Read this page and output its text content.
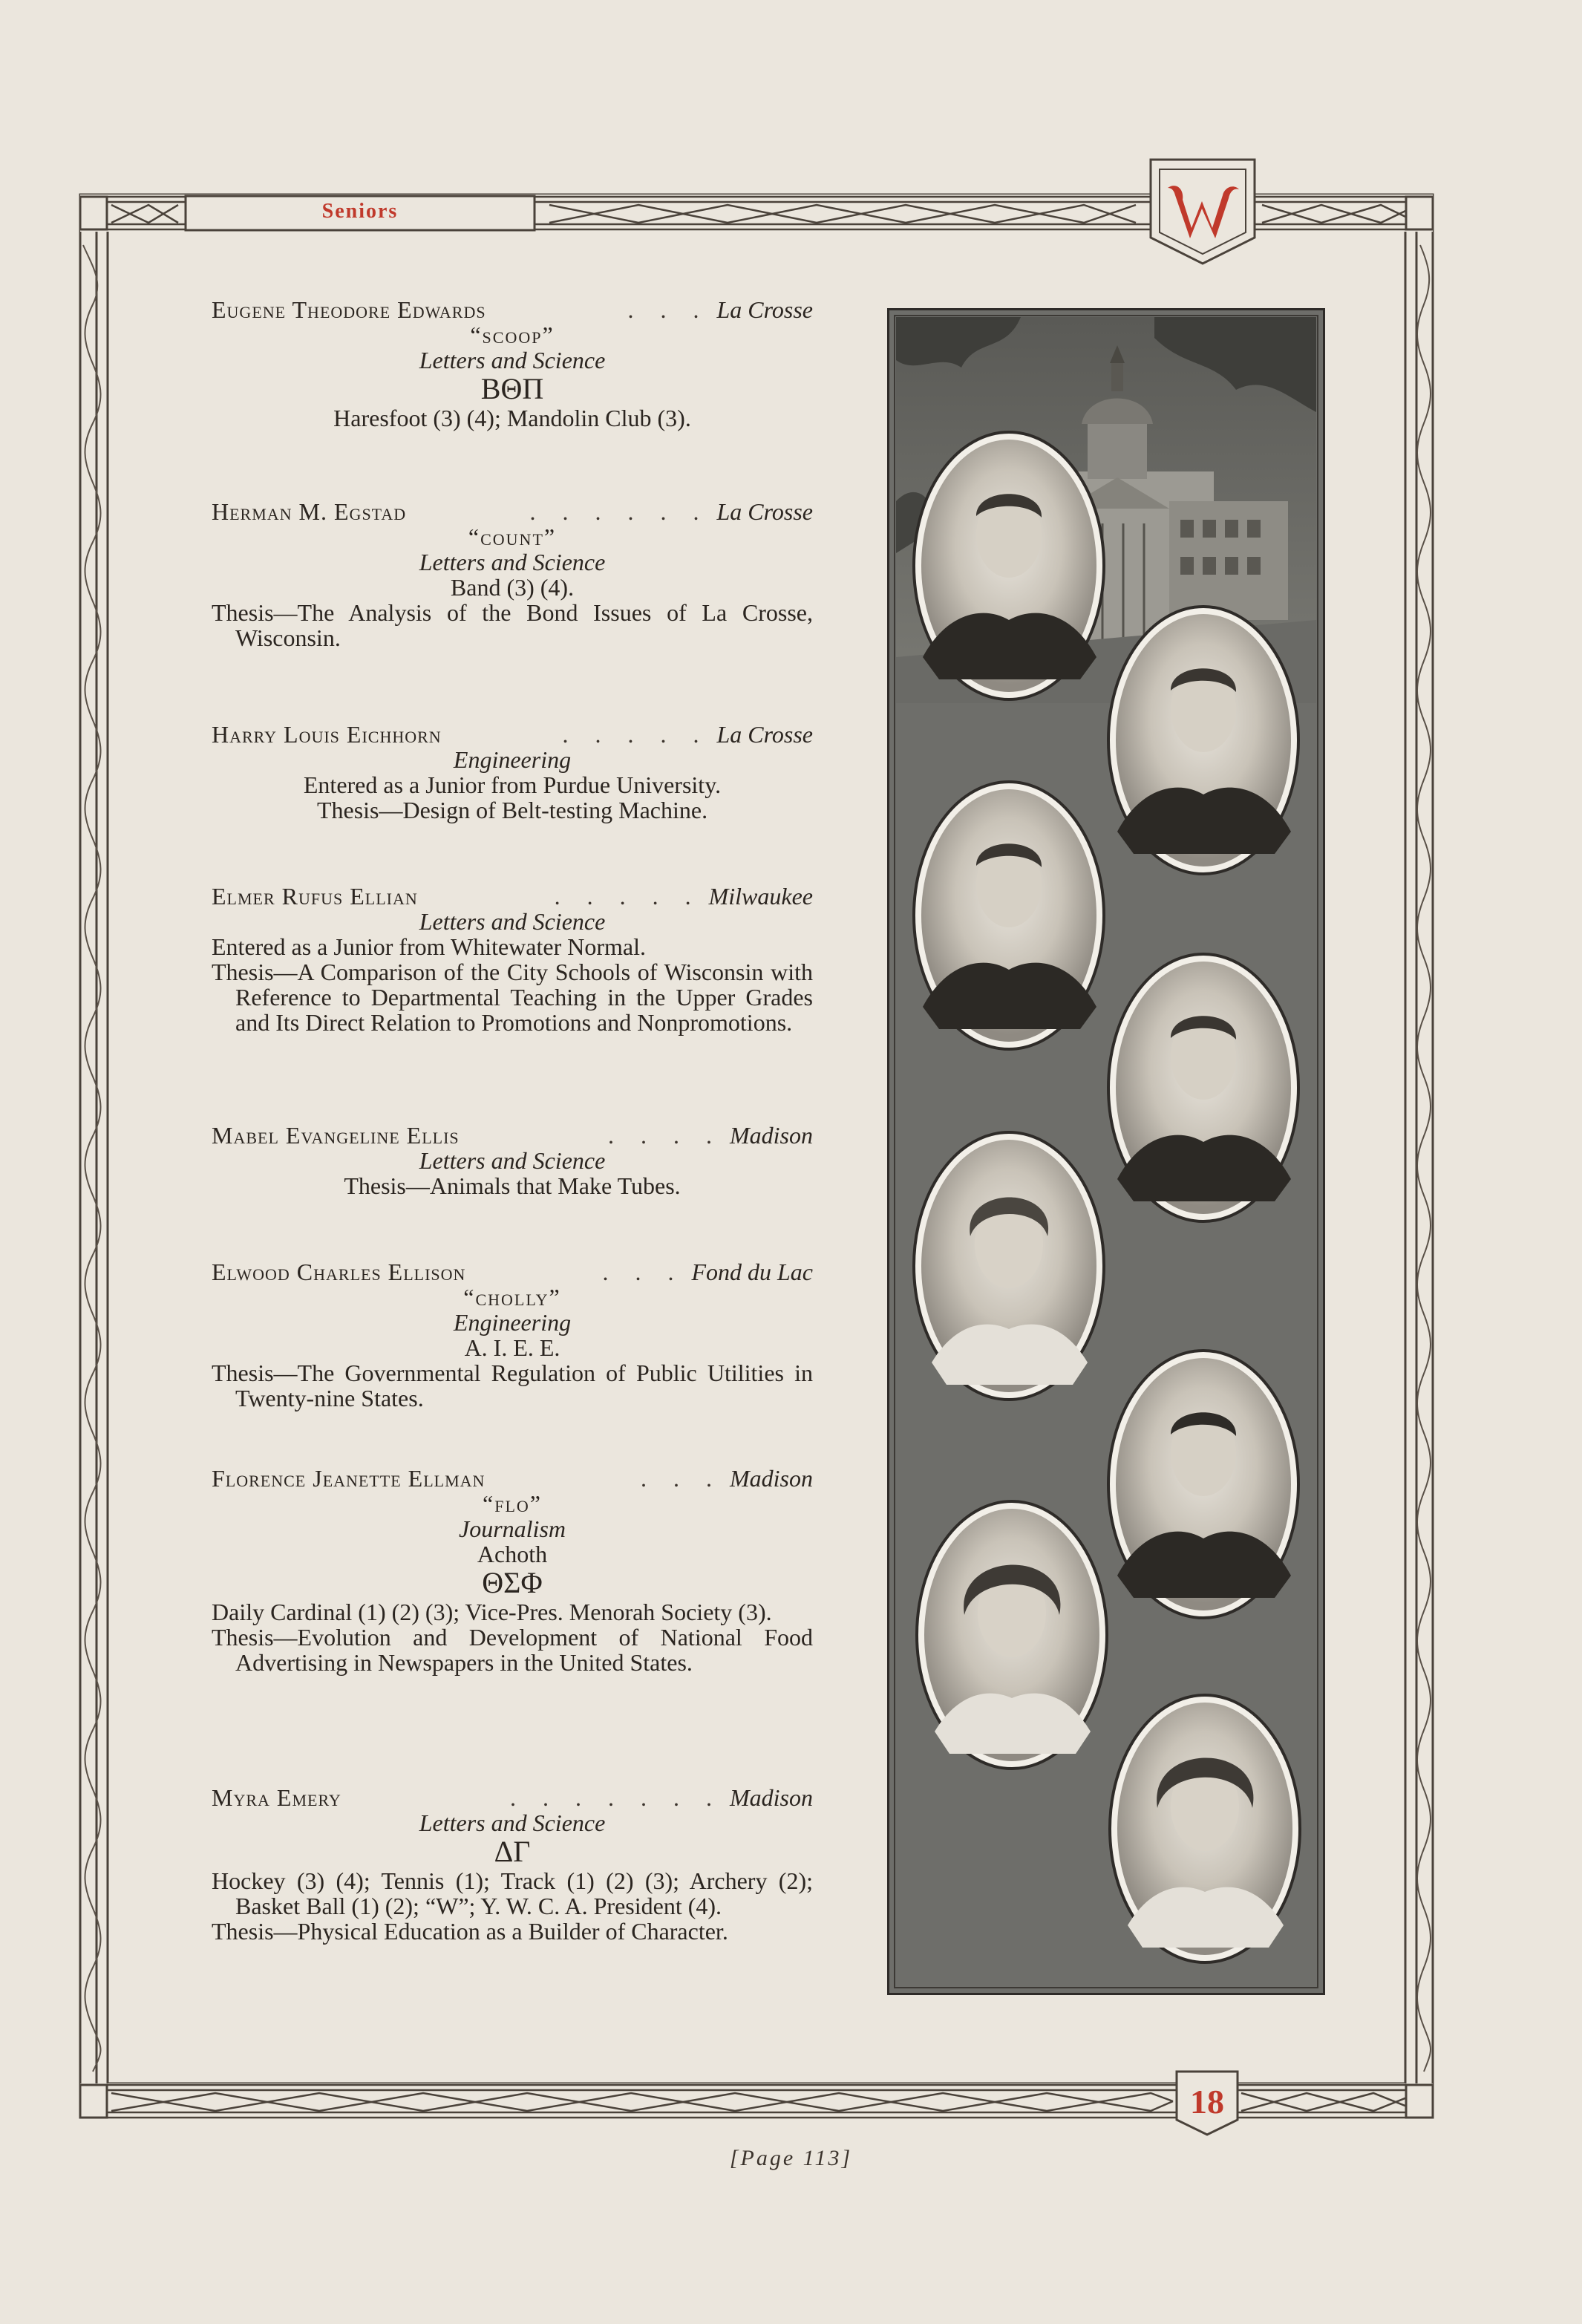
Seniors
18
[Page 113]
Eugene Theodore Edwards	. . . La Crosse
“scoop”
Letters and Science
ΒΘΠ
Haresfoot (3) (4); Mandolin Club (3).
Herman M. Egstad	. . . . . . La Crosse
“count”
Letters and Science
Band (3) (4).
Thesis—The Analysis of the Bond Issues of La Crosse, Wisconsin.
Harry Louis Eichhorn	. . . . . La Crosse
Engineering
Entered as a Junior from Purdue University.
Thesis—Design of Belt-testing Machine.
Elmer Rufus Ellian	. . . . . Milwaukee
Letters and Science
Entered as a Junior from Whitewater Normal.
Thesis—A Comparison of the City Schools of Wisconsin with Reference to Departmental Teaching in the Upper Grades and Its Direct Relation to Promotions and Nonpromotions.
Mabel Evangeline Ellis	. . . . Madison
Letters and Science
Thesis—Animals that Make Tubes.
Elwood Charles Ellison	. . . Fond du Lac
“cholly”
Engineering
A. I. E. E.
Thesis—The Governmental Regulation of Public Utilities in Twenty-nine States.
Florence Jeanette Ellman	. . . Madison
“flo”
Journalism
Achoth
ΘΣΦ
Daily Cardinal (1) (2) (3); Vice-Pres. Menorah Society (3).
Thesis—Evolution and Development of National Food Advertising in Newspapers in the United States.
Myra Emery	. . . . . . . Madison
Letters and Science
ΔΓ
Hockey (3) (4); Tennis (1); Track (1) (2) (3); Archery (2); Basket Ball (1) (2); “W”; Y. W. C. A. President (4).
Thesis—Physical Education as a Builder of Character.
